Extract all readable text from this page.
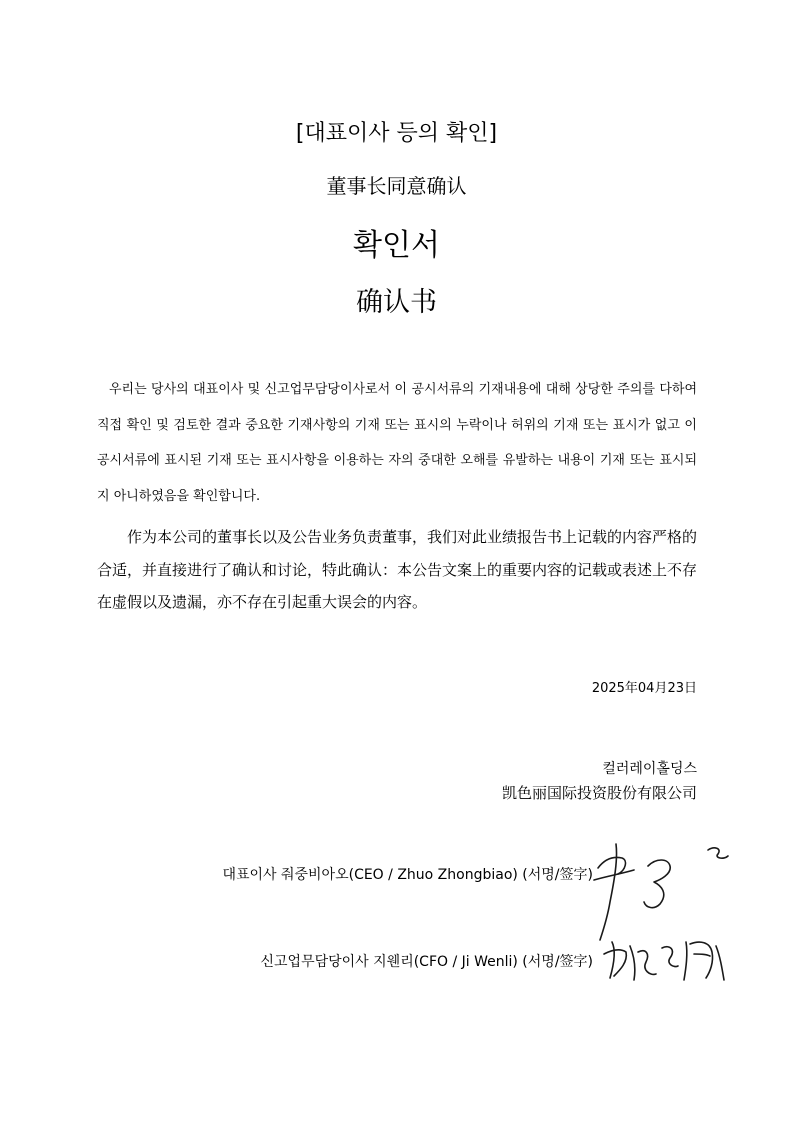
[대표이사 등의 확인]
董事长同意确认
확인서
确认书

우리는 당사의 대표이사 및 신고업무담당이사로서 이 공시서류의 기재내용에 대해 상당한 주의를 다하여 직접 확인 및 검토한 결과 중요한 기재사항의 기재 또는 표시의 누락이나 허위의 기재 또는 표시가 없고 이 공시서류에 표시된 기재 또는 표시사항을 이용하는 자의 중대한 오해를 유발하는 내용이 기재 또는 표시되지 아니하였음을 확인합니다.

作为本公司的董事长以及公告业务负责董事，我们对此业绩报告书上记载的内容严格的合适，并直接进行了确认和讨论，特此确认：本公告文案上的重要内容的记载或表述上不存在虚假以及遗漏，亦不存在引起重大误会的内容。

2025年04月23日
컬러레이홀딩스
凯色丽国际投资股份有限公司
대표이사 줘중비아오(CEO / Zhuo Zhongbiao) (서명/签字)
신고업무담당이사 지웬리(CFO / Ji Wenli) (서명/签字)
